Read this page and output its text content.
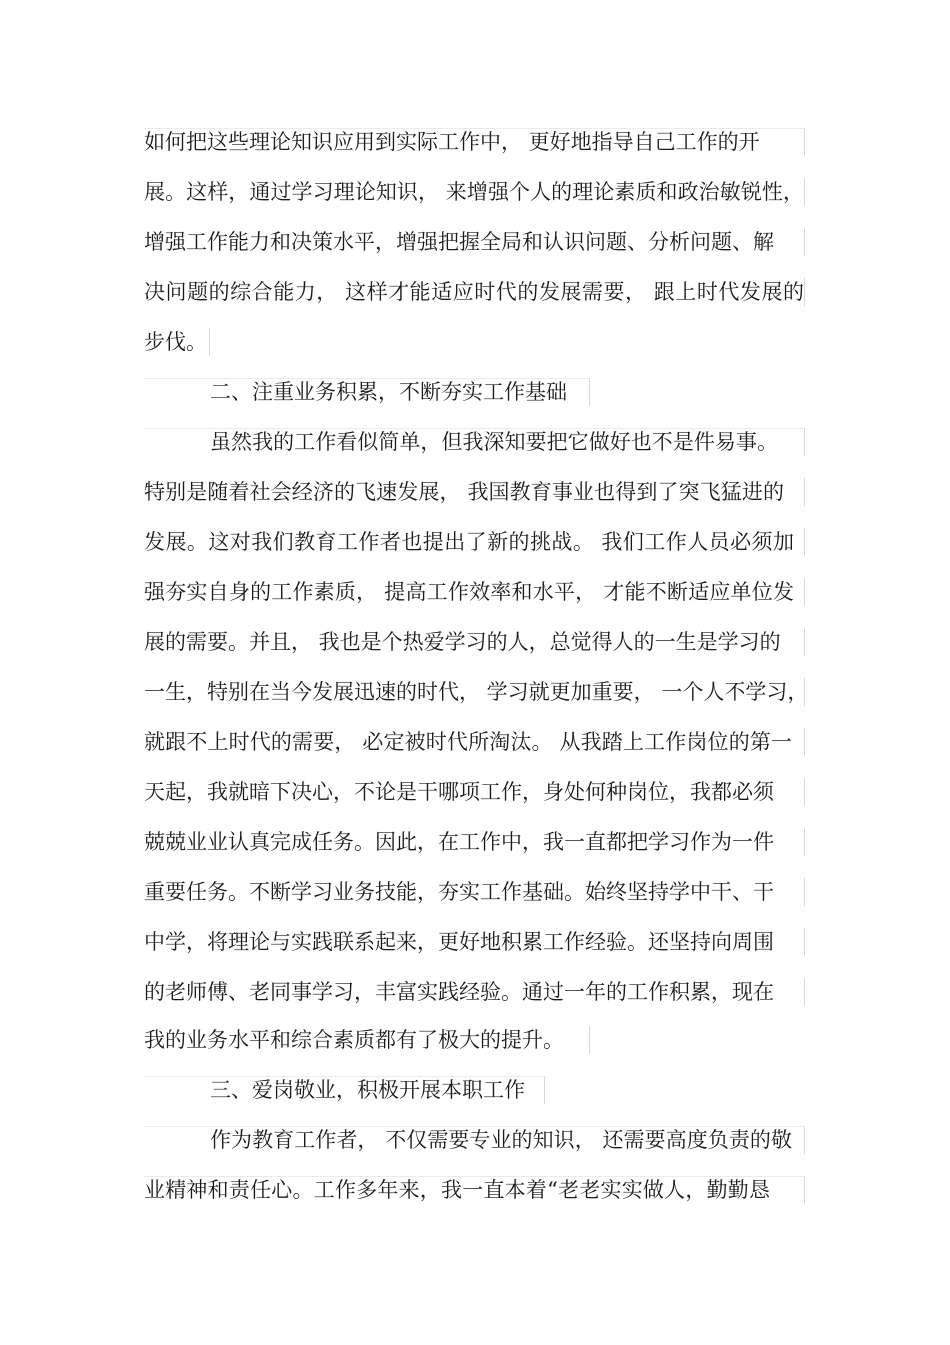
如何把这些理论知识应用到实际工作中， 更好地指导自己工作的开
展。这样，通过学习理论知识， 来增强个人的理论素质和政治敏锐性，
增强工作能力和决策水平，增强把握全局和认识问题、分析问题、解
决问题的综合能力， 这样才能适应时代的发展需要， 跟上时代发展的
步伐。
二、注重业务积累，不断夯实工作基础
虽然我的工作看似简单，但我深知要把它做好也不是件易事。
特别是随着社会经济的飞速发展， 我国教育事业也得到了突飞猛进的
发展。这对我们教育工作者也提出了新的挑战。 我们工作人员必须加
强夯实自身的工作素质， 提高工作效率和水平， 才能不断适应单位发
展的需要。并且， 我也是个热爱学习的人，总觉得人的一生是学习的
一生，特别在当今发展迅速的时代， 学习就更加重要， 一个人不学习，
就跟不上时代的需要， 必定被时代所淘汰。 从我踏上工作岗位的第一
天起，我就暗下决心，不论是干哪项工作，身处何种岗位，我都必须
兢兢业业认真完成任务。因此，在工作中，我一直都把学习作为一件
重要任务。不断学习业务技能，夯实工作基础。始终坚持学中干、干
中学，将理论与实践联系起来，更好地积累工作经验。还坚持向周围
的老师傅、老同事学习，丰富实践经验。通过一年的工作积累，现在
我的业务水平和综合素质都有了极大的提升。
三、爱岗敬业，积极开展本职工作
作为教育工作者， 不仅需要专业的知识， 还需要高度负责的敬
业精神和责任心。工作多年来，我一直本着“老老实实做人，勤勤恳
